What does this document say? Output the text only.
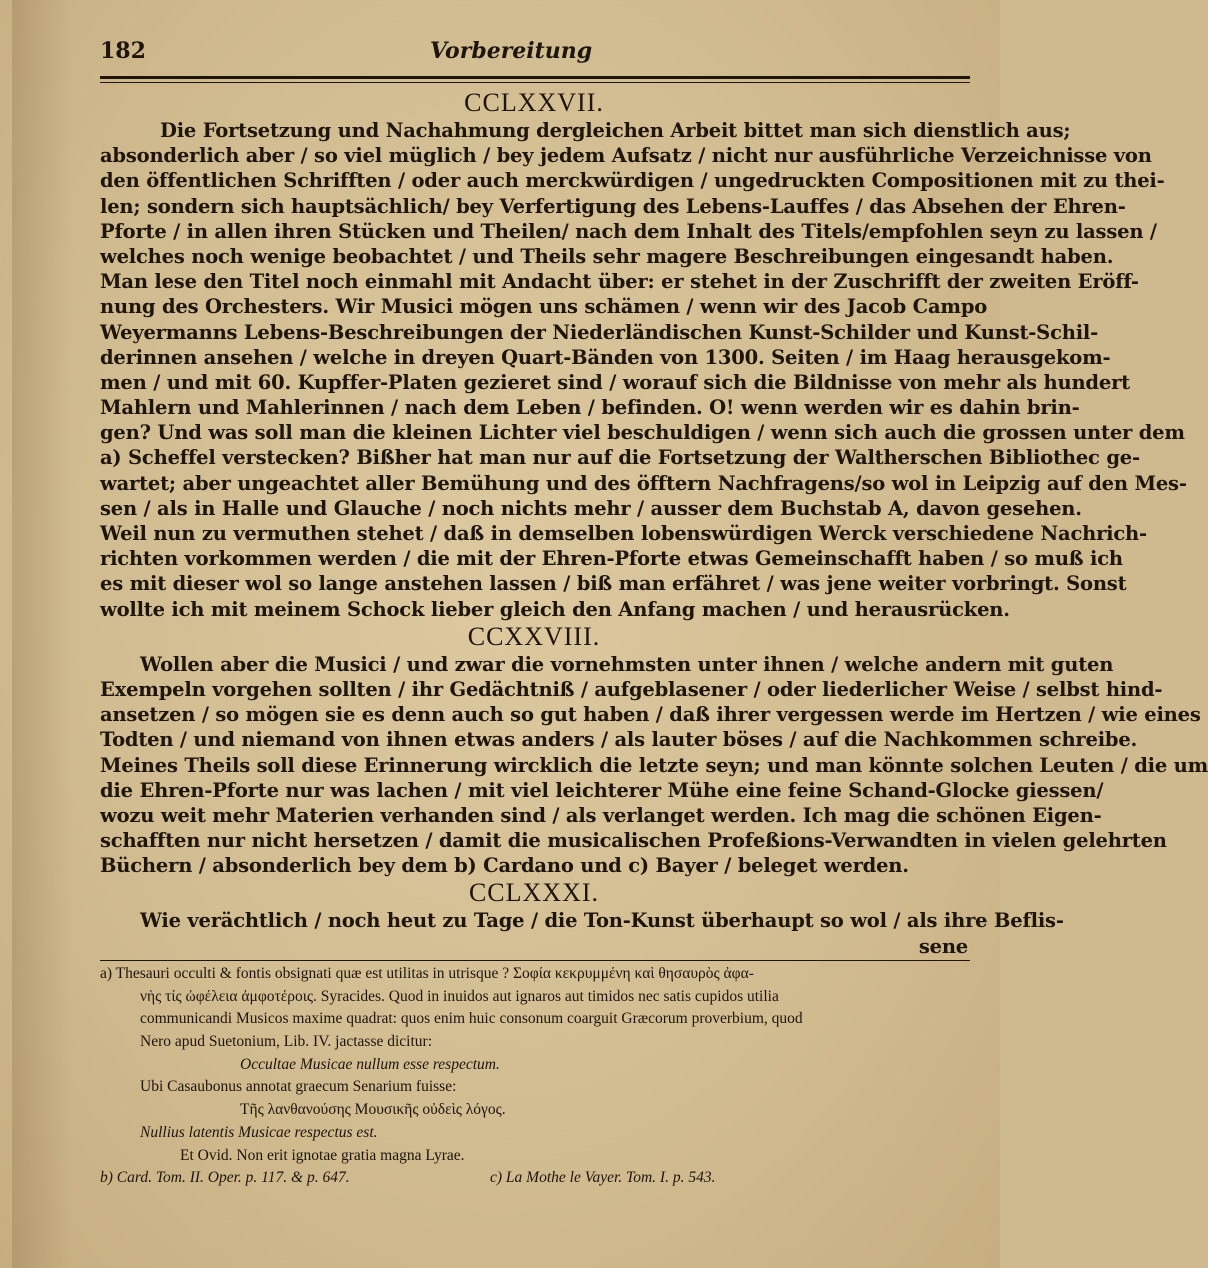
182	Vorbereitung
CCLXXVII.
Die Fortsetzung und Nachahmung dergleichen Arbeit bittet man sich dienstlich aus;
absonderlich aber / so viel müglich / bey jedem Aufsatz / nicht nur ausführliche Verzeichnisse von
den öffentlichen Schrifften / oder auch merckwürdigen / ungedruckten Compositionen mit zu thei-
len; sondern sich hauptsächlich/ bey Verfertigung des Lebens-Lauffes / das Absehen der Ehren-
Pforte / in allen ihren Stücken und Theilen/ nach dem Inhalt des Titels/empfohlen seyn zu lassen /
welches noch wenige beobachtet / und Theils sehr magere Beschreibungen eingesandt haben.
Man lese den Titel noch einmahl mit Andacht über: er stehet in der Zuschrifft der zweiten Eröff-
nung des Orchesters. Wir Musici mögen uns schämen / wenn wir des Jacob Campo
Weyermanns Lebens-Beschreibungen der Niederländischen Kunst-Schilder und Kunst-Schil-
derinnen ansehen / welche in dreyen Quart-Bänden von 1300. Seiten / im Haag herausgekom-
men / und mit 60. Kupffer-Platen gezieret sind / worauf sich die Bildnisse von mehr als hundert
Mahlern und Mahlerinnen / nach dem Leben / befinden. O! wenn werden wir es dahin brin-
gen? Und was soll man die kleinen Lichter viel beschuldigen / wenn sich auch die grossen unter dem
a) Scheffel verstecken? Bißher hat man nur auf die Fortsetzung der Waltherschen Bibliothec ge-
wartet; aber ungeachtet aller Bemühung und des öfftern Nachfragens/so wol in Leipzig auf den Mes-
sen / als in Halle und Glauche / noch nichts mehr / ausser dem Buchstab A, davon gesehen.
Weil nun zu vermuthen stehet / daß in demselben lobenswürdigen Werck verschiedene Nachrich-
richten vorkommen werden / die mit der Ehren-Pforte etwas Gemeinschafft haben / so muß ich
es mit dieser wol so lange anstehen lassen / biß man erfähret / was jene weiter vorbringt. Sonst
wollte ich mit meinem Schock lieber gleich den Anfang machen / und herausrücken.
CCXXVIII.
Wollen aber die Musici / und zwar die vornehmsten unter ihnen / welche andern mit guten
Exempeln vorgehen sollten / ihr Gedächtniß / aufgeblasener / oder liederlicher Weise / selbst hind-
ansetzen / so mögen sie es denn auch so gut haben / daß ihrer vergessen werde im Hertzen / wie eines
Todten / und niemand von ihnen etwas anders / als lauter böses / auf die Nachkommen schreibe.
Meines Theils soll diese Erinnerung wircklich die letzte seyn; und man könnte solchen Leuten / die um
die Ehren-Pforte nur was lachen / mit viel leichterer Mühe eine feine Schand-Glocke giessen/
wozu weit mehr Materien verhanden sind / als verlanget werden. Ich mag die schönen Eigen-
schafften nur nicht hersetzen / damit die musicalischen Profeßions-Verwandten in vielen gelehrten
Büchern / absonderlich bey dem b) Cardano und c) Bayer / beleget werden.
CCLXXXI.
Wie verächtlich / noch heut zu Tage / die Ton-Kunst überhaupt so wol / als ihre Beflis-
sene
a) Thesauri occulti & fontis obsignati quæ est utilitas in utrisque ? Σοφία κεκρυμμένη καὶ θησαυρὸς ἀφα-
νὴς τίς ὠφέλεια ἀμφοτέροις. Syracides. Quod in inuidos aut ignaros aut timidos nec satis cupidos utilia
communicandi Musicos maxime quadrat: quos enim huic consonum coarguit Græcorum proverbium, quod
Nero apud Suetonium, Lib. IV. jactasse dicitur:
Occultae Musicae nullum esse respectum.
Ubi Casaubonus annotat graecum Senarium fuisse:
Τῆς λανθανούσης Μουσικῆς οὐδεὶς λόγος.
Nullius latentis Musicae respectus est.
Et Ovid. Non erit ignotae gratia magna Lyrae.
b) Card. Tom. II. Oper. p. 117. & p. 647.	c) La Mothe le Vayer. Tom. I. p. 543.
